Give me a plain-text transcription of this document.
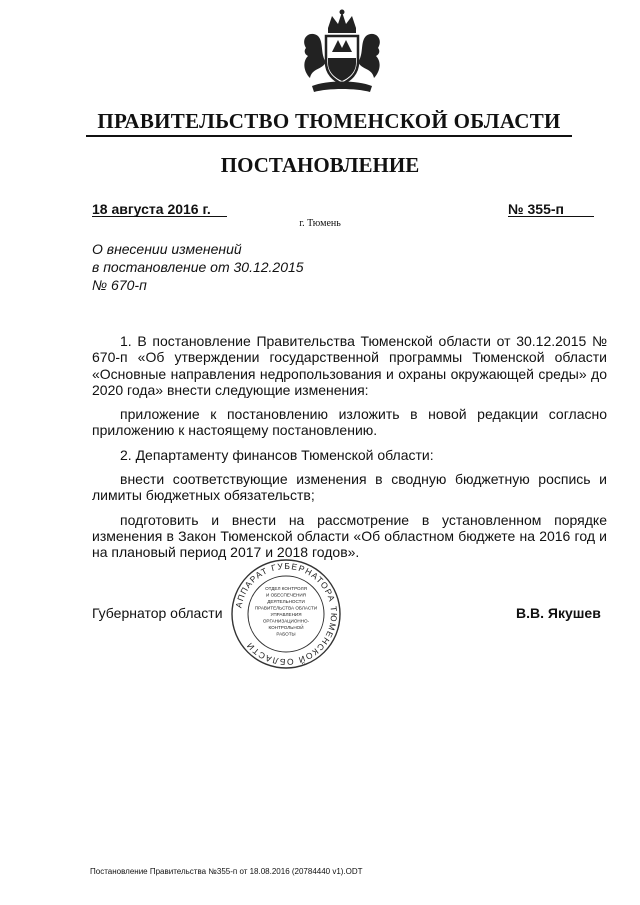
ПРАВИТЕЛЬСТВО ТЮМЕНСКОЙ ОБЛАСТИ
ПОСТАНОВЛЕНИЕ
18 августа 2016 г.	№ 355-п
г. Тюмень
О внесении изменений
в постановление от 30.12.2015
№ 670-п

1. В постановление Правительства Тюменской области от 30.12.2015 № 670-п «Об утверждении государственной программы Тюменской области «Основные направления недропользования и охраны окружающей среды» до 2020 года» внести следующие изменения:

приложение к постановлению изложить в новой редакции согласно приложению к настоящему постановлению.

2. Департаменту финансов Тюменской области:

внести соответствующие изменения в сводную бюджетную роспись и лимиты бюджетных обязательств;

подготовить и внести на рассмотрение в установленном порядке изменения в Закон Тюменской области «Об областном бюджете на 2016 год и на плановый период 2017 и 2018 годов».

Губернатор области	В.В. Якушев
АППАРАТ ГУБЕРНАТОРА ТЮМЕНСКОЙ ОБЛАСТИ
ОТДЕЛ КОНТРОЛЯ
И ОБЕСПЕЧЕНИЯ
ДЕЯТЕЛЬНОСТИ
ПРАВИТЕЛЬСТВА ОБЛАСТИ
УПРАВЛЕНИЯ
ОРГАНИЗАЦИОННО-
КОНТРОЛЬНОЙ
РАБОТЫ
Постановление Правительства №355-п от 18.08.2016 (20784440 v1).ODT
